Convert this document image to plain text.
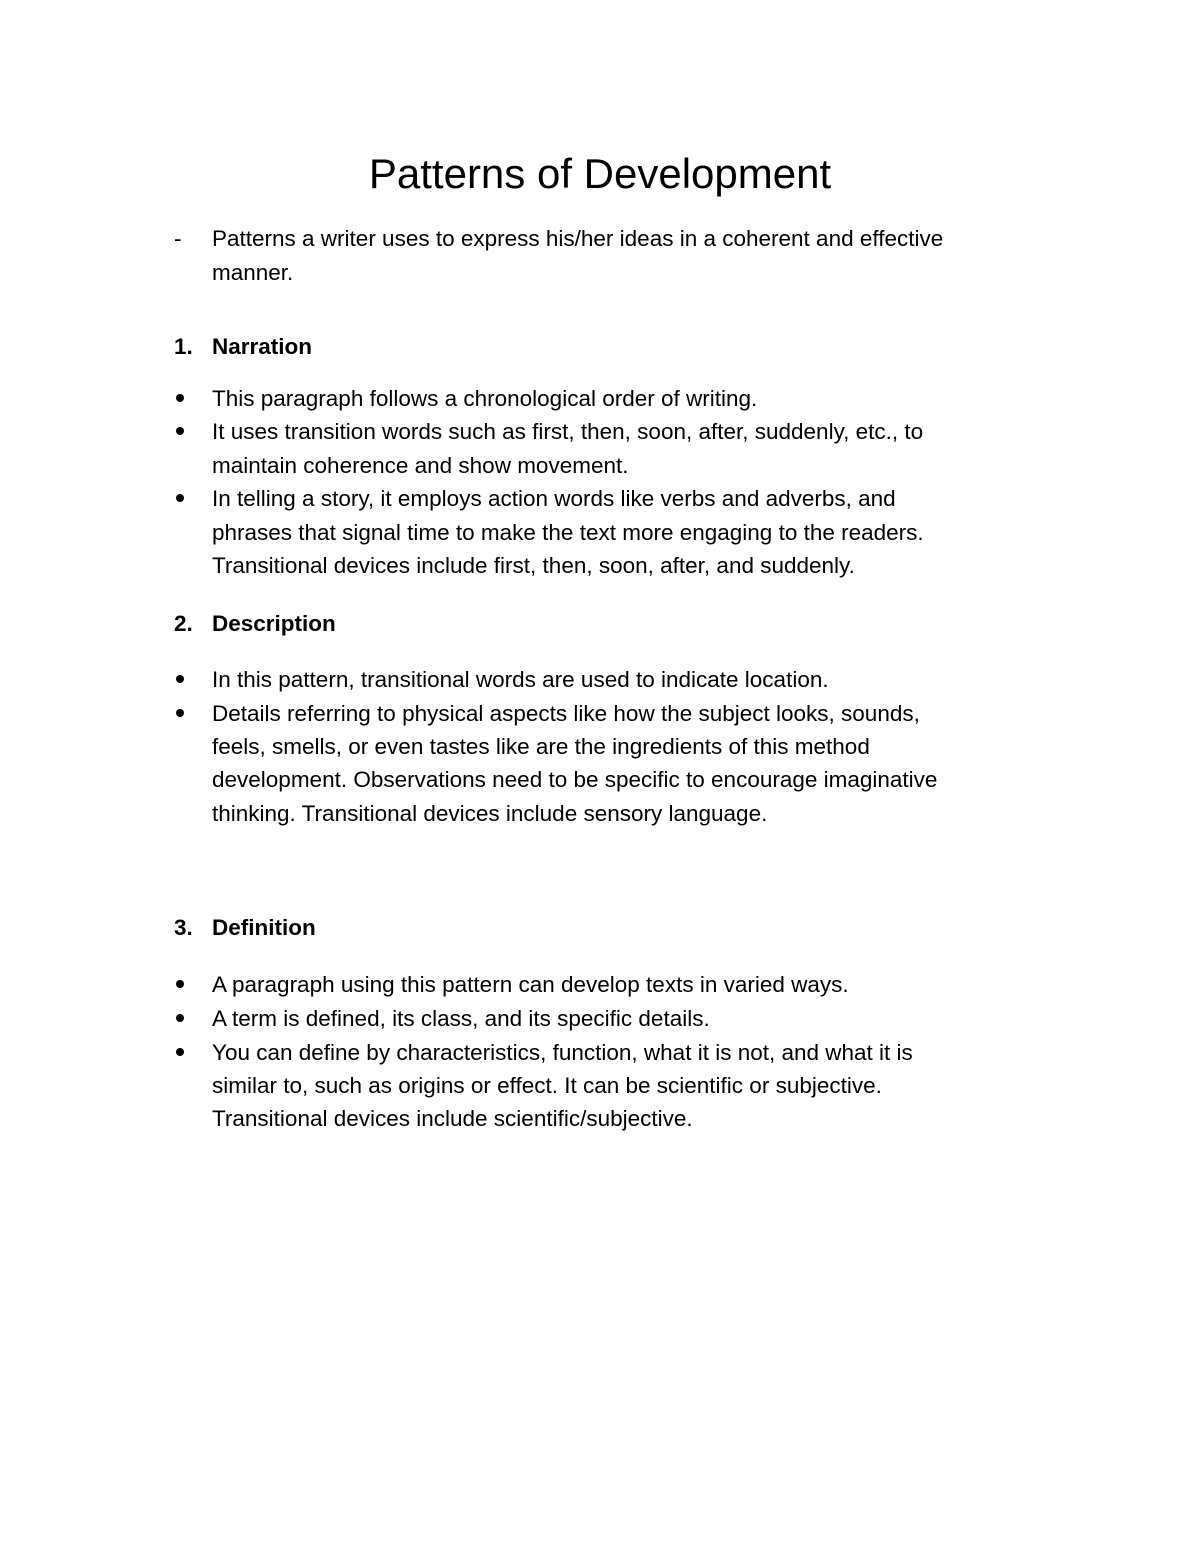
Patterns of Development
- Patterns a writer uses to express his/her ideas in a coherent and effective
manner.
1. Narration
This paragraph follows a chronological order of writing.
It uses transition words such as first, then, soon, after, suddenly, etc., to
maintain coherence and show movement.
In telling a story, it employs action words like verbs and adverbs, and
phrases that signal time to make the text more engaging to the readers.
Transitional devices include first, then, soon, after, and suddenly.
2. Description
In this pattern, transitional words are used to indicate location.
Details referring to physical aspects like how the subject looks, sounds,
feels, smells, or even tastes like are the ingredients of this method
development. Observations need to be specific to encourage imaginative
thinking. Transitional devices include sensory language.
3. Definition
A paragraph using this pattern can develop texts in varied ways.
A term is defined, its class, and its specific details.
You can define by characteristics, function, what it is not, and what it is
similar to, such as origins or effect. It can be scientific or subjective.
Transitional devices include scientific/subjective.
